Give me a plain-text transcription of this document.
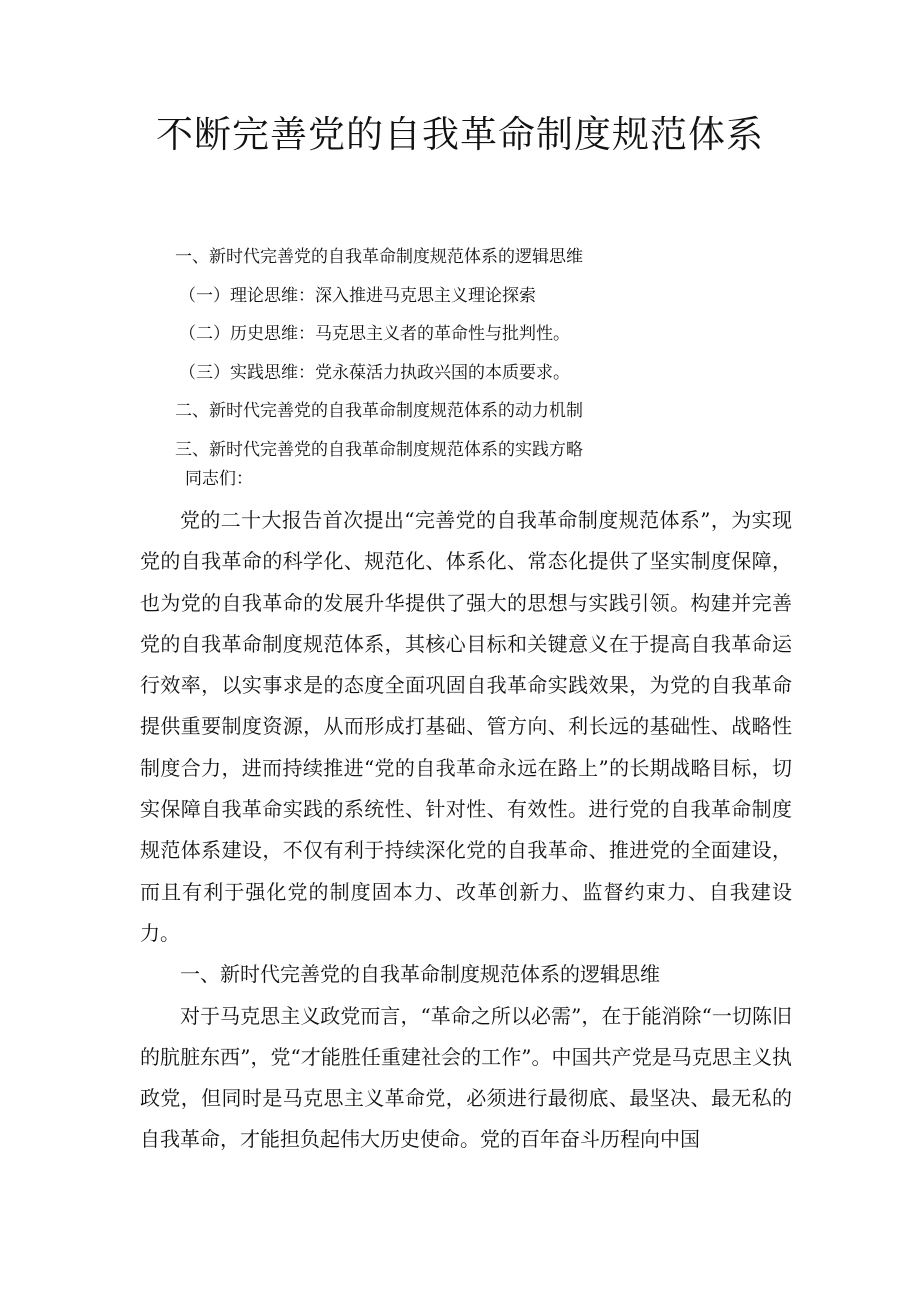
不断完善党的自我革命制度规范体系
一、新时代完善党的自我革命制度规范体系的逻辑思维
（一）理论思维：深入推进马克思主义理论探索
（二）历史思维：马克思主义者的革命性与批判性。
（三）实践思维：党永葆活力执政兴国的本质要求。
二、新时代完善党的自我革命制度规范体系的动力机制
三、新时代完善党的自我革命制度规范体系的实践方略

同志们：

党的二十大报告首次提出“完善党的自我革命制度规范体系”，为实现党的自我革命的科学化、规范化、体系化、常态化提供了坚实制度保障，也为党的自我革命的发展升华提供了强大的思想与实践引领。构建并完善党的自我革命制度规范体系，其核心目标和关键意义在于提高自我革命运行效率，以实事求是的态度全面巩固自我革命实践效果，为党的自我革命提供重要制度资源，从而形成打基础、管方向、利长远的基础性、战略性制度合力，进而持续推进“党的自我革命永远在路上”的长期战略目标，切实保障自我革命实践的系统性、针对性、有效性。进行党的自我革命制度规范体系建设，不仅有利于持续深化党的自我革命、推进党的全面建设，而且有利于强化党的制度固本力、改革创新力、监督约束力、自我建设力。

一、新时代完善党的自我革命制度规范体系的逻辑思维

对于马克思主义政党而言，“革命之所以必需”，在于能消除“一切陈旧的肮脏东西”，党“才能胜任重建社会的工作”。中国共产党是马克思主义执政党，但同时是马克思主义革命党，必须进行最彻底、最坚决、最无私的自我革命，才能担负起伟大历史使命。党的百年奋斗历程向中国
